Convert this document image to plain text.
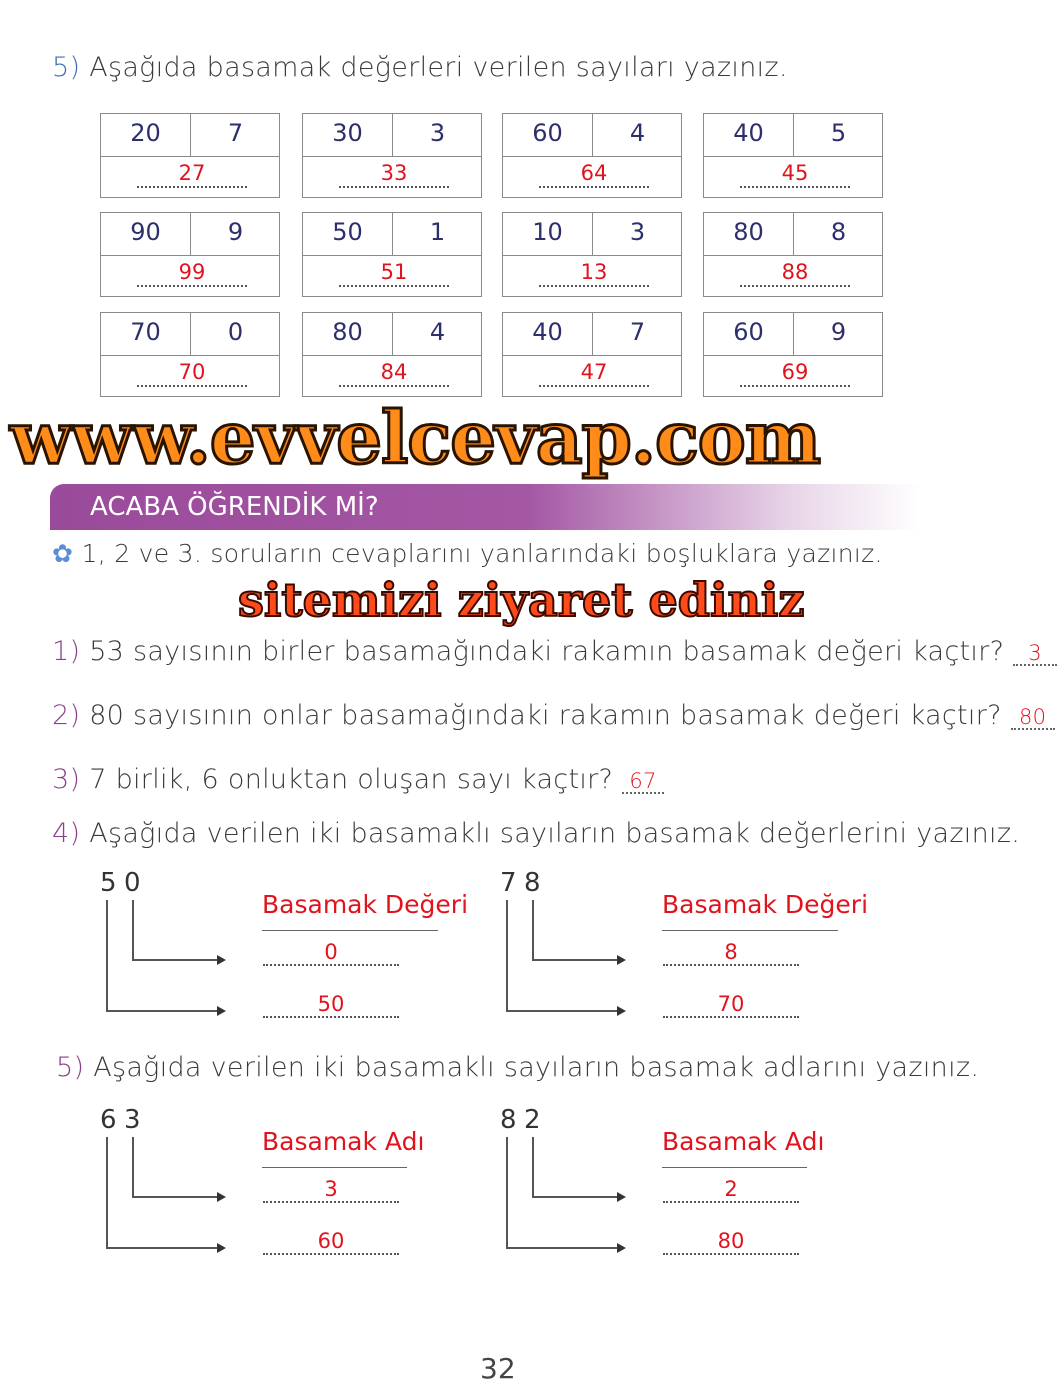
5) Aşağıda basamak değerleri verilen sayıları yazınız.
20	7
27
30	3
33
60	4
64
40	5
45
90	9
99
50	1
51
10	3
13
80	8
88
70	0
70
80	4
84
40	7
47
60	9
69
www.evvelcevap.com
ACABA ÖĞRENDİK Mİ?
✿ 1, 2 ve 3. soruların cevaplarını yanlarındaki boşluklara yazınız.
sitemizi ziyaret ediniz
1) 53 sayısının birler basamağındaki rakamın basamak değeri kaçtır? 3
2) 80 sayısının onlar basamağındaki rakamın basamak değeri kaçtır? 80
3) 7 birlik, 6 onluktan oluşan sayı kaçtır? 67
4) Aşağıda verilen iki basamaklı sayıların basamak değerlerini yazınız.
5) Aşağıda verilen iki basamaklı sayıların basamak adlarını yazınız.
5 0
Basamak Değeri
0
50
7 8
Basamak Değeri
8
70
6 3
Basamak Adı
3
60
8 2
Basamak Adı
2
80
32
